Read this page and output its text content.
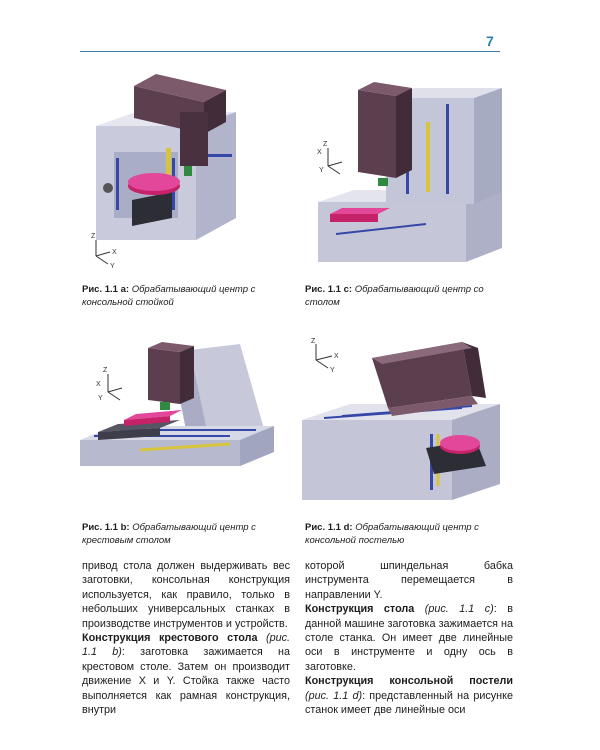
7
Z
X
Y
Z
X
Y
Z
X
Y
Z
X
Y
Рис. 1.1 a: Обрабатывающий центр с консольной стойкой
Рис. 1.1 c: Обрабатывающий центр со столом
Рис. 1.1 b: Обрабатывающий центр с крестовым столом
Рис. 1.1 d: Обрабатывающий центр с консольной постелью

привод стола должен выдерживать вес заготовки, консольная конструкция используется, как правило, только в небольших универсальных станках в производстве инструментов и устройств.

Конструкция крестового стола (рис. 1.1 b): заготовка зажимается на крестовом столе. Затем он производит движение X и Y. Стойка также часто выполняется как рамная конструкция, внутри

которой шпиндельная бабка инструмента перемещается в направлении Y.

Конструкция стола (рис. 1.1 c): в данной машине заготовка зажимается на столе станка. Он имеет две линейные оси в инструменте и одну ось в заготовке.

Конструкция консольной постели (рис. 1.1 d): представленный на рисунке станок имеет две линейные оси
